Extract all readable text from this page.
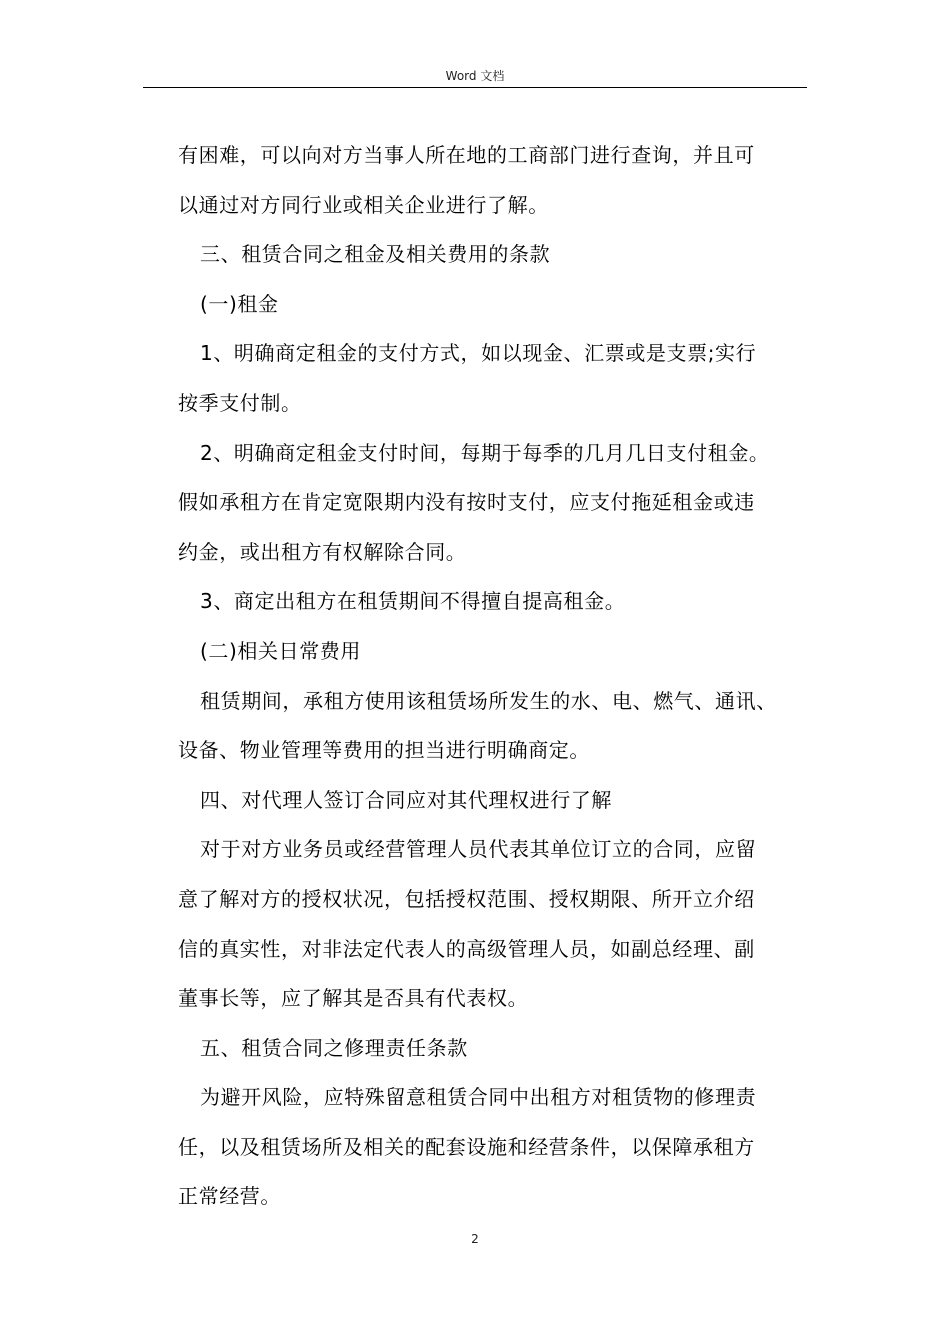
Word 文档
有困难，可以向对方当事人所在地的工商部门进行查询，并且可
以通过对方同行业或相关企业进行了解。
三、租赁合同之租金及相关费用的条款
(一)租金
1、明确商定租金的支付方式，如以现金、汇票或是支票;实行
按季支付制。
2、明确商定租金支付时间，每期于每季的几月几日支付租金。
假如承租方在肯定宽限期内没有按时支付，应支付拖延租金或违
约金，或出租方有权解除合同。
3、商定出租方在租赁期间不得擅自提高租金。
(二)相关日常费用
租赁期间，承租方使用该租赁场所发生的水、电、燃气、通讯、
设备、物业管理等费用的担当进行明确商定。
四、对代理人签订合同应对其代理权进行了解
对于对方业务员或经营管理人员代表其单位订立的合同，应留
意了解对方的授权状况，包括授权范围、授权期限、所开立介绍
信的真实性，对非法定代表人的高级管理人员，如副总经理、副
董事长等，应了解其是否具有代表权。
五、租赁合同之修理责任条款
为避开风险，应特殊留意租赁合同中出租方对租赁物的修理责
任，以及租赁场所及相关的配套设施和经营条件，以保障承租方
正常经营。
2
